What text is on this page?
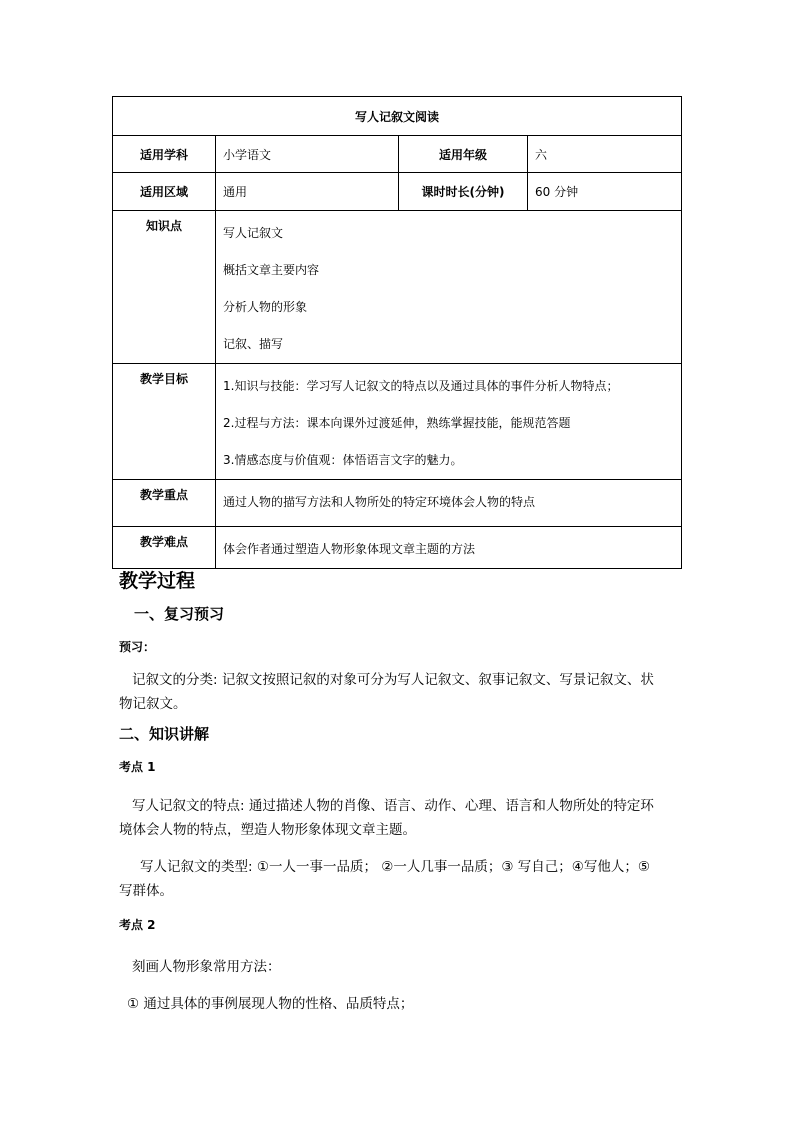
写人记叙文阅读			
适用学科	小学语文	适用年级	六
适用区域	通用	课时时长(分钟)	60 分钟
知识点	写人记叙文
概括文章主要内容
分析人物的形象
记叙、描写		

教学目标	1.知识与技能：学习写人记叙文的特点以及通过具体的事件分析人物特点；
2.过程与方法：课本向课外过渡延伸，熟练掌握技能，能规范答题
3.情感态度与价值观：体悟语言文字的魅力。		

教学重点	通过人物的描写方法和人物所处的特定环境体会人物的特点		

教学难点	体会作者通过塑造人物形象体现文章主题的方法		
教学过程
一、复习预习
预习：
记叙文的分类: 记叙文按照记叙的对象可分为写人记叙文、叙事记叙文、写景记叙文、状
物记叙文。
二、知识讲解
考点 1
写人记叙文的特点: 通过描述人物的肖像、语言、动作、心理、语言和人物所处的特定环
境体会人物的特点，塑造人物形象体现文章主题。
写人记叙文的类型: ①一人一事一品质； ②一人几事一品质；③ 写自己；④写他人；⑤
写群体。
考点 2
刻画人物形象常用方法：
① 通过具体的事例展现人物的性格、品质特点；
